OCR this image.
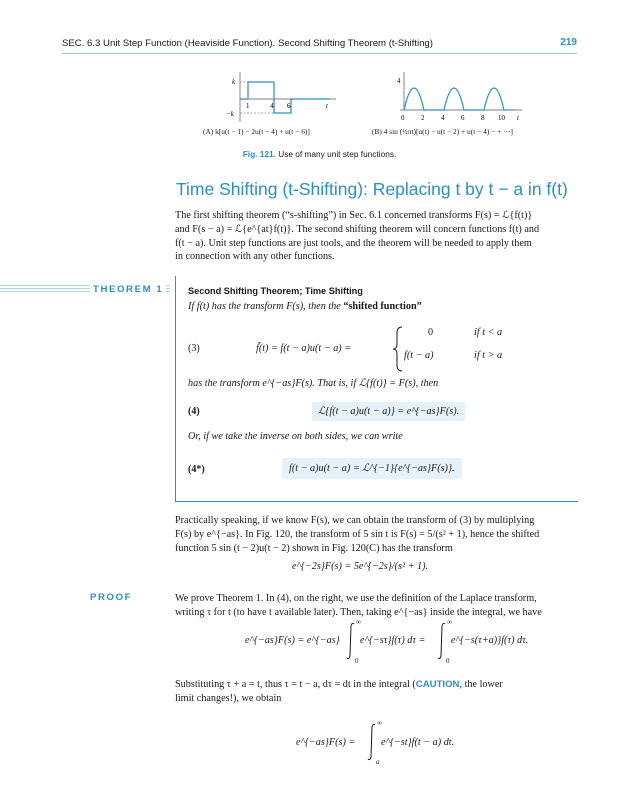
SEC. 6.3 Unit Step Function (Heaviside Function). Second Shifting Theorem (t-Shifting)	219
k
−k
1	4 6	t
4
0 2 4 6 8 10 t
(A) k[u(t − 1) − 2u(t − 4) + u(t − 6)]	(B) 4 sin (½πt)[u(t) − u(t − 2) + u(t − 4) − + ···]
Fig. 121. Use of many unit step functions.
Time Shifting (t-Shifting): Replacing t by t − a in f(t)
The first shifting theorem (“s-shifting”) in Sec. 6.1 concerned transforms F(s) = ℒ{f(t)}
and F(s − a) = ℒ{e^{at}f(t)}. The second shifting theorem will concern functions f(t) and
f(t − a). Unit step functions are just tools, and the theorem will be needed to apply them
in connection with any other functions.
THEOREM 1	Second Shifting Theorem; Time Shifting
If f(t) has the transform F(s), then the “shifted function”
(3)	f̃(t) = f(t − a)u(t − a) =
0	if t < a
f(t − a)	if t > a
has the transform e^{−as}F(s). That is, if ℒ{f(t)} = F(s), then
(4)	ℒ{f(t − a)u(t − a)} = e^{−as}F(s).
Or, if we take the inverse on both sides, we can write
(4*)	f(t − a)u(t − a) = ℒ^{−1}{e^{−as}F(s)}.
Practically speaking, if we know F(s), we can obtain the transform of (3) by multiplying
F(s) by e^{−as}. In Fig. 120, the transform of 5 sin t is F(s) = 5/(s² + 1), hence the shifted
function 5 sin (t − 2)u(t − 2) shown in Fig. 120(C) has the transform
e^{−2s}F(s) = 5e^{−2s}/(s² + 1).
PROOF	We prove Theorem 1. In (4), on the right, we use the definition of the Laplace transform,
writing τ for t (to have t available later). Then, taking e^{−as} inside the integral, we have
e^{−as}F(s) = e^{−as}
∞
0
e^{−sτ}f(τ) dτ =
∞
0
e^{−s(τ+a)}f(τ) dτ.
Substituting τ + a = t, thus τ = t − a, dτ = dt in the integral (CAUTION, the lower
limit changes!), we obtain
e^{−as}F(s) =
∞
a
e^{−st}f(t − a) dt.
